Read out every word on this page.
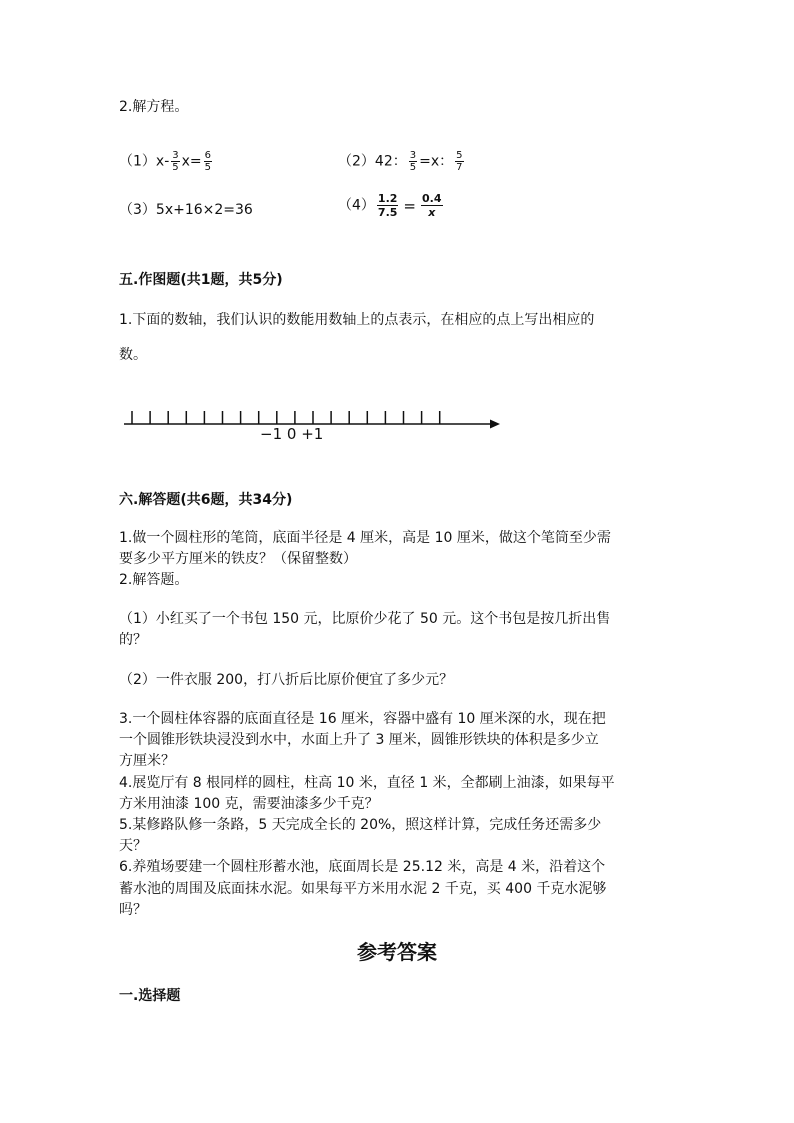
2.解方程。
$(1)x- \frac{3}{5} x= \frac{6}{5}$	（2）42： $\frac{3}{5} =x$： $\frac{5}{7}$
（3）5x+16×2=36	$(4) \frac{1.2}{7.5} = \frac{0.4}{x}$
五.作图题(共1题，共5分)
1.下面的数轴，我们认识的数能用数轴上的点表示，在相应的点上写出相应的
数。
−1 0 +1
六.解答题(共6题，共34分)
1.做一个圆柱形的笔筒，底面半径是 4 厘米，高是 10 厘米，做这个笔筒至少需
要多少平方厘米的铁皮？（保留整数）
2.解答题。
（1）小红买了一个书包 150 元，比原价少花了 50 元。这个书包是按几折出售
的？
（2）一件衣服 200，打八折后比原价便宜了多少元？
3.一个圆柱体容器的底面直径是 16 厘米，容器中盛有 10 厘米深的水，现在把
一个圆锥形铁块浸没到水中，水面上升了 3 厘米，圆锥形铁块的体积是多少立
方厘米？
4.展览厅有 8 根同样的圆柱，柱高 10 米，直径 1 米，全都刷上油漆，如果每平
方米用油漆 100 克，需要油漆多少千克？
5.某修路队修一条路，5 天完成全长的 20%，照这样计算，完成任务还需多少
天？
6.养殖场要建一个圆柱形蓄水池，底面周长是 25.12 米，高是 4 米，沿着这个
蓄水池的周围及底面抹水泥。如果每平方米用水泥 2 千克，买 400 千克水泥够
吗？
参考答案
一.选择题
